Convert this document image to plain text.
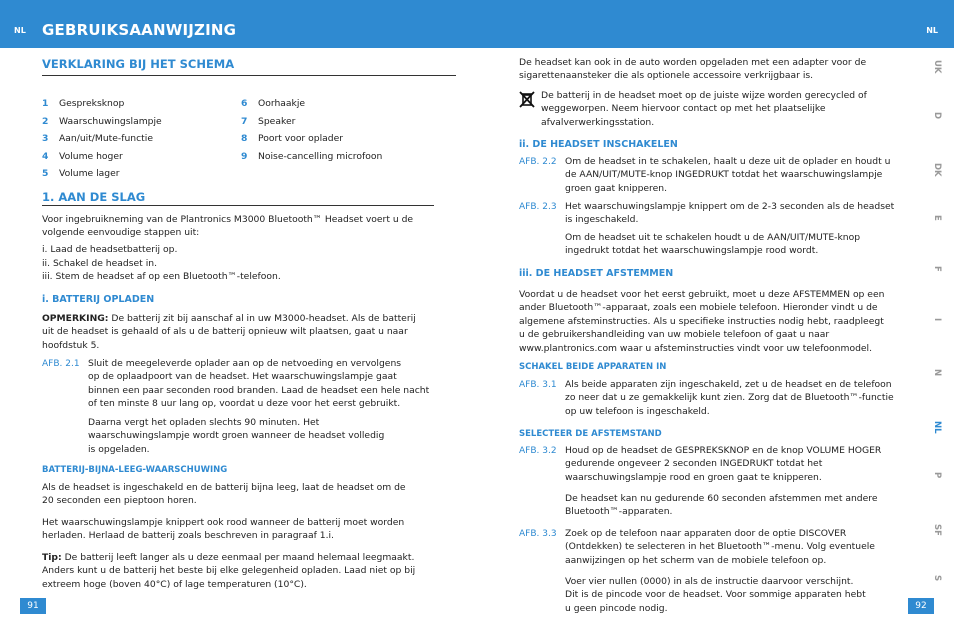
NL GEBRUIKSAANWIJZING	NL
VERKLARING BIJ HET SCHEMA
1 Gespreksknop
2 Waarschuwingslampje
3 Aan/uit/Mute-functie
4 Volume hoger
5 Volume lager
6 Oorhaakje
7 Speaker
8 Poort voor oplader
9 Noise-cancelling microfoon
1. AAN DE SLAG
Voor ingebruikneming van de Plantronics M3000 Bluetooth™ Headset voert u de
volgende eenvoudige stappen uit:
i. Laad de headsetbatterij op.
ii. Schakel de headset in.
iii. Stem de headset af op een Bluetooth™-telefoon.
i. BATTERIJ OPLADEN
OPMERKING: De batterij zit bij aanschaf al in uw M3000-headset. Als de batterij
uit de headset is gehaald of als u de batterij opnieuw wilt plaatsen, gaat u naar
hoofdstuk 5.
AFB. 2.1 Sluit de meegeleverde oplader aan op de netvoeding en vervolgens
op de oplaadpoort van de headset. Het waarschuwingslampje gaat
binnen een paar seconden rood branden. Laad de headset een hele nacht
of ten minste 8 uur lang op, voordat u deze voor het eerst gebruikt.
Daarna vergt het opladen slechts 90 minuten. Het
waarschuwingslampje wordt groen wanneer de headset volledig
is opgeladen.
BATTERIJ-BIJNA-LEEG-WAARSCHUWING
Als de headset is ingeschakeld en de batterij bijna leeg, laat de headset om de
20 seconden een pieptoon horen.
Het waarschuwingslampje knippert ook rood wanneer de batterij moet worden
herladen. Herlaad de batterij zoals beschreven in paragraaf 1.i.
Tip: De batterij leeft langer als u deze eenmaal per maand helemaal leegmaakt.
Anders kunt u de batterij het beste bij elke gelegenheid opladen. Laad niet op bij
extreem hoge (boven 40°C) of lage temperaturen (10°C).
91
De headset kan ook in de auto worden opgeladen met een adapter voor de
sigarettenaansteker die als optionele accessoire verkrijgbaar is.
De batterij in de headset moet op de juiste wijze worden gerecycled of
weggeworpen. Neem hiervoor contact op met het plaatselijke
afvalverwerkingsstation.
ii. DE HEADSET INSCHAKELEN
AFB. 2.2 Om de headset in te schakelen, haalt u deze uit de oplader en houdt u
de AAN/UIT/MUTE-knop INGEDRUKT totdat het waarschuwingslampje
groen gaat knipperen.
AFB. 2.3 Het waarschuwingslampje knippert om de 2-3 seconden als de headset
is ingeschakeld.
Om de headset uit te schakelen houdt u de AAN/UIT/MUTE-knop
ingedrukt totdat het waarschuwingslampje rood wordt.
iii. DE HEADSET AFSTEMMEN
Voordat u de headset voor het eerst gebruikt, moet u deze AFSTEMMEN op een
ander Bluetooth™-apparaat, zoals een mobiele telefoon. Hieronder vindt u de
algemene afsteminstructies. Als u specifieke instructies nodig hebt, raadpleegt
u de gebruikershandleiding van uw mobiele telefoon of gaat u naar
www.plantronics.com waar u afsteminstructies vindt voor uw telefoonmodel.
SCHAKEL BEIDE APPARATEN IN
AFB. 3.1 Als beide apparaten zijn ingeschakeld, zet u de headset en de telefoon
zo neer dat u ze gemakkelijk kunt zien. Zorg dat de Bluetooth™-functie
op uw telefoon is ingeschakeld.
SELECTEER DE AFSTEMSTAND
AFB. 3.2 Houd op de headset de GESPREKSKNOP en de knop VOLUME HOGER
gedurende ongeveer 2 seconden INGEDRUKT totdat het
waarschuwingslampje rood en groen gaat te knipperen.
De headset kan nu gedurende 60 seconden afstemmen met andere
Bluetooth™-apparaten.
AFB. 3.3 Zoek op de telefoon naar apparaten door de optie DISCOVER
(Ontdekken) te selecteren in het Bluetooth™-menu. Volg eventuele
aanwijzingen op het scherm van de mobiele telefoon op.
Voer vier nullen (0000) in als de instructie daarvoor verschijnt.
Dit is de pincode voor de headset. Voor sommige apparaten hebt
u geen pincode nodig.	92
UK
D
DK
E
F
I
N
NL
P
SF
S
